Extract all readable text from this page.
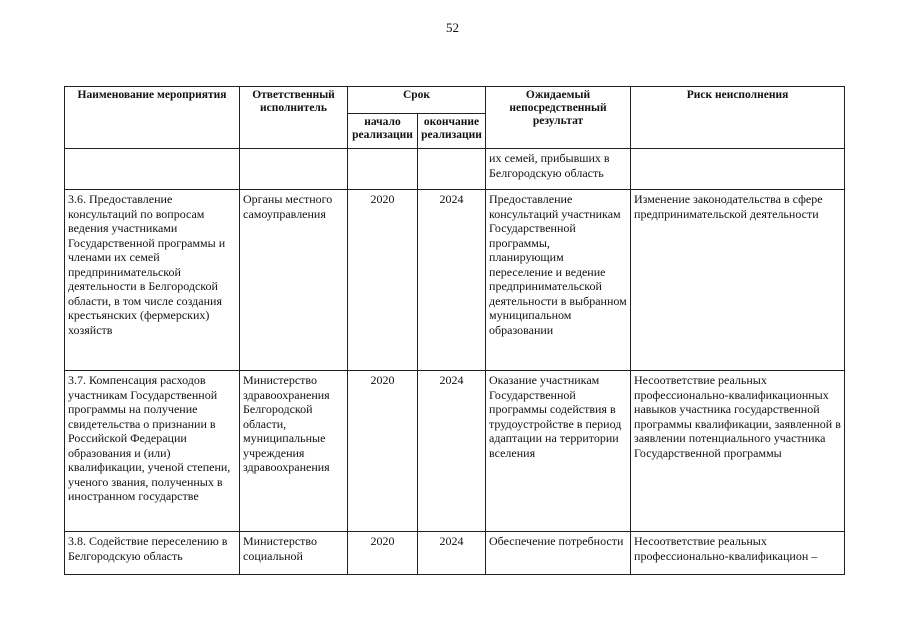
52
Наименование мероприятия	Ответственный исполнитель	Срок		Ожидаемый непосредственный результат	Риск неисполнения
		начало реализации	окончание реализации		
				их семей, прибывших в Белгородскую область	
3.6. Предоставление консультаций по вопросам ведения участниками Государственной программы и членами их семей предпринимательской деятельности в Белгородской области, в том числе создания крестьянских (фермерских) хозяйств	Органы местного самоуправления	2020	2024	Предоставление консультаций участникам Государственной программы, планирующим переселение и ведение предпринимательской деятельности в выбранном муниципальном образовании	Изменение законодательства в сфере предпринимательской деятельности
3.7. Компенсация расходов участникам Государственной программы на получение свидетельства о признании в Российской Федерации образования и (или) квалификации, ученой степени, ученого звания, полученных в иностранном государстве	Министерство здравоохранения Белгородской области, муниципальные учреждения здравоохранения	2020	2024	Оказание участникам Государственной программы содействия в трудоустройстве в период адаптации на территории вселения	Несоответствие реальных профессионально-квалификационных навыков участника государственной программы квалификации, заявленной в заявлении потенциального участника Государственной программы
3.8. Содействие переселению в Белгородскую область	Министерство социальной	2020	2024	Обеспечение потребности	Несоответствие реальных профессионально-квалификацион –
